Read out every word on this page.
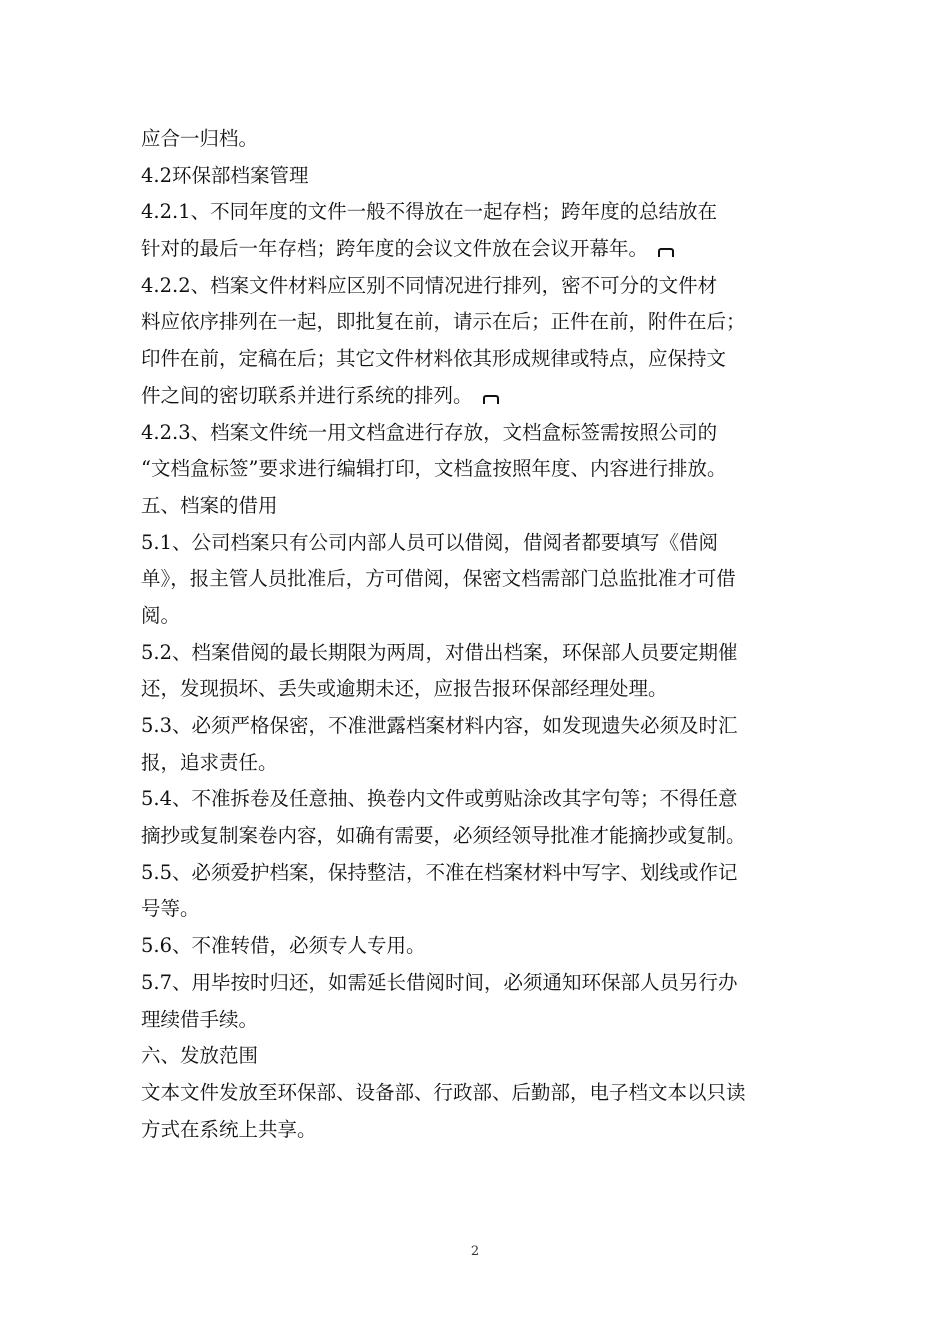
应合一归档。
4.2环保部档案管理
4.2.1、不同年度的文件一般不得放在一起存档；跨年度的总结放在
针对的最后一年存档；跨年度的会议文件放在会议开幕年。
4.2.2、档案文件材料应区别不同情况进行排列，密不可分的文件材
料应依序排列在一起，即批复在前，请示在后；正件在前，附件在后；
印件在前，定稿在后；其它文件材料依其形成规律或特点，应保持文
件之间的密切联系并进行系统的排列。
4.2.3、档案文件统一用文档盒进行存放，文档盒标签需按照公司的
“文档盒标签”要求进行编辑打印，文档盒按照年度、内容进行排放。
五、档案的借用
5.1、公司档案只有公司内部人员可以借阅，借阅者都要填写《借阅
单》，报主管人员批准后，方可借阅，保密文档需部门总监批准才可借
阅。
5.2、档案借阅的最长期限为两周，对借出档案，环保部人员要定期催
还，发现损坏、丢失或逾期未还，应报告报环保部经理处理。
5.3、必须严格保密，不准泄露档案材料内容，如发现遗失必须及时汇
报，追求责任。
5.4、不准拆卷及任意抽、换卷内文件或剪贴涂改其字句等；不得任意
摘抄或复制案卷内容，如确有需要，必须经领导批准才能摘抄或复制。
5.5、必须爱护档案，保持整洁，不准在档案材料中写字、划线或作记
号等。
5.6、不准转借，必须专人专用。
5.7、用毕按时归还，如需延长借阅时间，必须通知环保部人员另行办
理续借手续。
六、发放范围
文本文件发放至环保部、设备部、行政部、后勤部，电子档文本以只读
方式在系统上共享。
2
